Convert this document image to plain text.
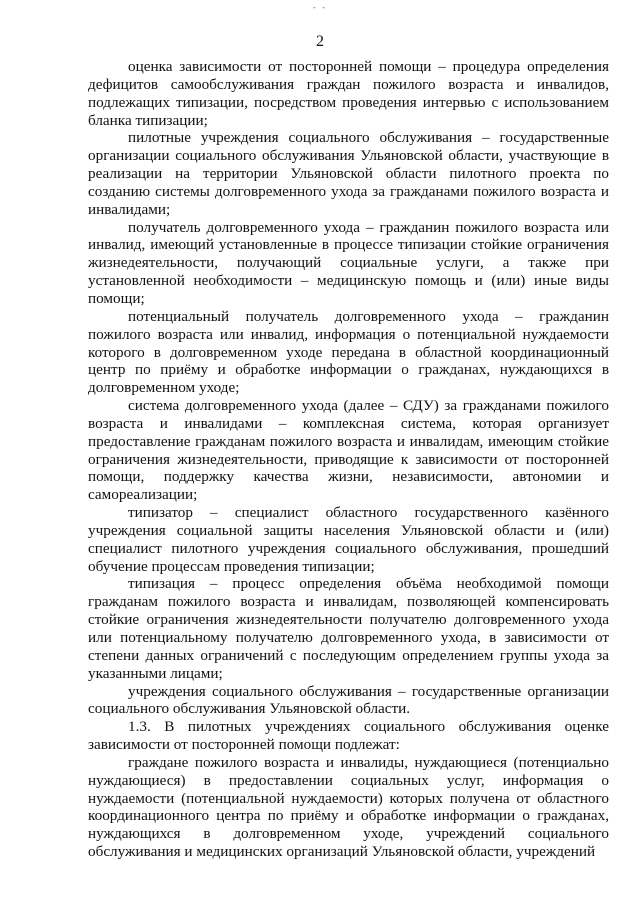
- -
2

оценка зависимости от посторонней помощи – процедура определения дефицитов самообслуживания граждан пожилого возраста и инвалидов, подлежащих типизации, посредством проведения интервью с использованием бланка типизации;

пилотные учреждения социального обслуживания – государственные организации социального обслуживания Ульяновской области, участвующие в реализации на территории Ульяновской области пилотного проекта по созданию системы долговременного ухода за гражданами пожилого возраста и инвалидами;

получатель долговременного ухода – гражданин пожилого возраста или инвалид, имеющий установленные в процессе типизации стойкие ограничения жизнедеятельности, получающий социальные услуги, а также при установленной необходимости – медицинскую помощь и (или) иные виды помощи;

потенциальный получатель долговременного ухода – гражданин пожилого возраста или инвалид, информация о потенциальной нуждаемости которого в долговременном уходе передана в областной координационный центр по приёму и обработке информации о гражданах, нуждающихся в долговременном уходе;

система долговременного ухода (далее – СДУ) за гражданами пожилого возраста и инвалидами – комплексная система, которая организует предоставление гражданам пожилого возраста и инвалидам, имеющим стойкие ограничения жизнедеятельности, приводящие к зависимости от посторонней помощи, поддержку качества жизни, независимости, автономии и самореализации;

типизатор – специалист областного государственного казённого учреждения социальной защиты населения Ульяновской области и (или) специалист пилотного учреждения социального обслуживания, прошедший обучение процессам проведения типизации;

типизация – процесс определения объёма необходимой помощи гражданам пожилого возраста и инвалидам, позволяющей компенсировать стойкие ограничения жизнедеятельности получателю долговременного ухода или потенциальному получателю долговременного ухода, в зависимости от степени данных ограничений с последующим определением группы ухода за указанными лицами;

учреждения социального обслуживания – государственные организации социального обслуживания Ульяновской области.

1.3. В пилотных учреждениях социального обслуживания оценке зависимости от посторонней помощи подлежат:

граждане пожилого возраста и инвалиды, нуждающиеся (потенциально нуждающиеся) в предоставлении социальных услуг, информация о нуждаемости (потенциальной нуждаемости) которых получена от областного координационного центра по приёму и обработке информации о гражданах, нуждающихся в долговременном уходе, учреждений социального обслуживания и медицинских организаций Ульяновской области, учреждений
